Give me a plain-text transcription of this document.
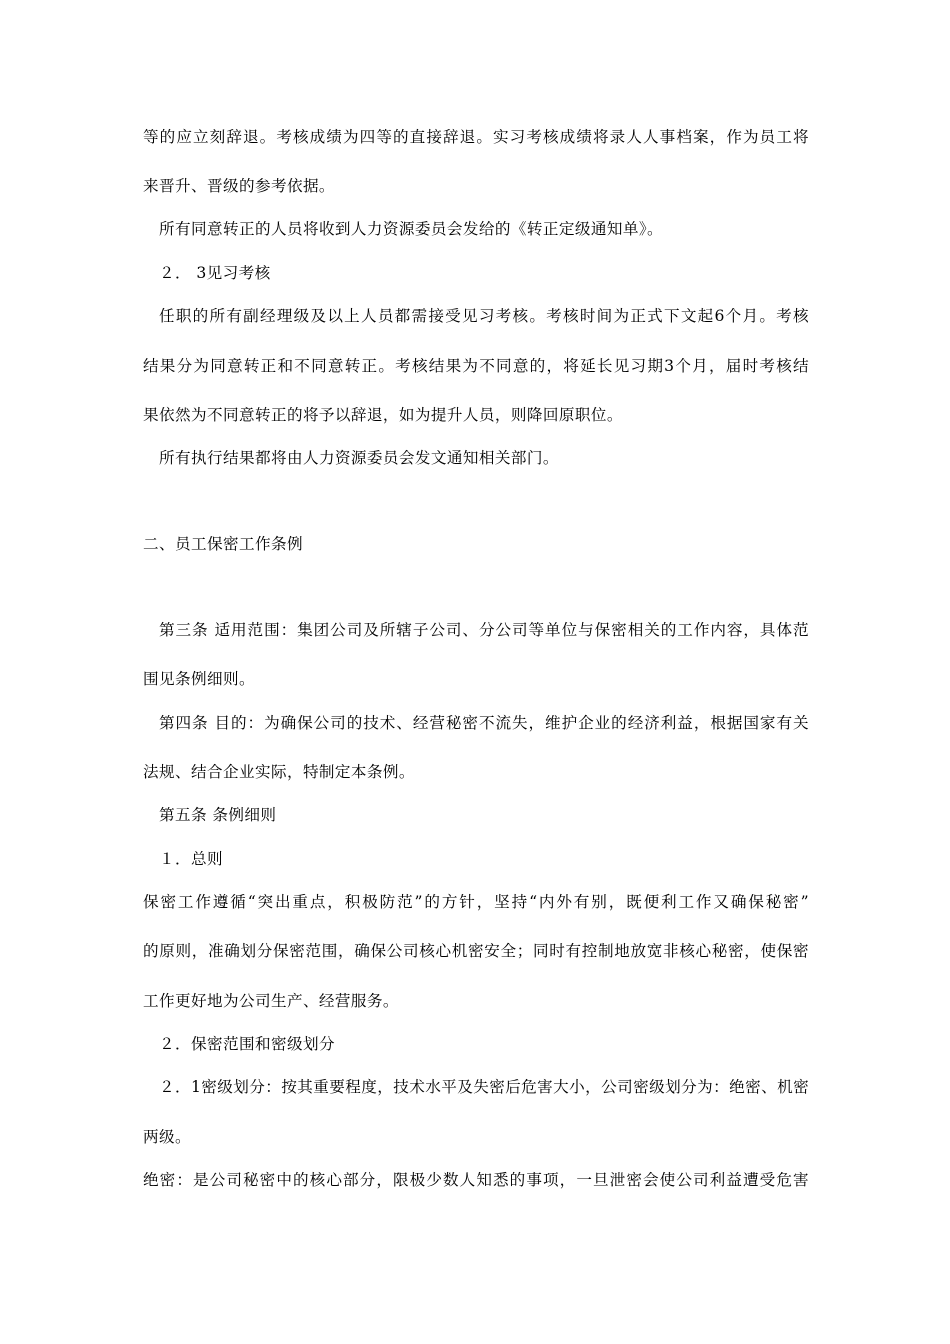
等的应立刻辞退。考核成绩为四等的直接辞退。实习考核成绩将录人人事档案，作为员工将
来晋升、晋级的参考依据。
所有同意转正的人员将收到人力资源委员会发给的《转正定级通知单》。
２． 3见习考核
任职的所有副经理级及以上人员都需接受见习考核。考核时间为正式下文起6个月。考核
结果分为同意转正和不同意转正。考核结果为不同意的，将延长见习期3个月，届时考核结
果依然为不同意转正的将予以辞退，如为提升人员，则降回原职位。
所有执行结果都将由人力资源委员会发文通知相关部门。
二、员工保密工作条例
第三条 适用范围：集团公司及所辖子公司、分公司等单位与保密相关的工作内容，具体范
围见条例细则。
第四条 目的：为确保公司的技术、经营秘密不流失，维护企业的经济利益，根据国家有关
法规、结合企业实际，特制定本条例。
第五条 条例细则
１．总则
保密工作遵循“突出重点，积极防范”的方针，坚持“内外有别，既便利工作又确保秘密”
的原则，准确划分保密范围，确保公司核心机密安全；同时有控制地放宽非核心秘密，使保密
工作更好地为公司生产、经营服务。
２．保密范围和密级划分
２．1密级划分：按其重要程度，技术水平及失密后危害大小，公司密级划分为：绝密、机密
两级。
绝密：是公司秘密中的核心部分，限极少数人知悉的事项，一旦泄密会使公司利益遭受危害
